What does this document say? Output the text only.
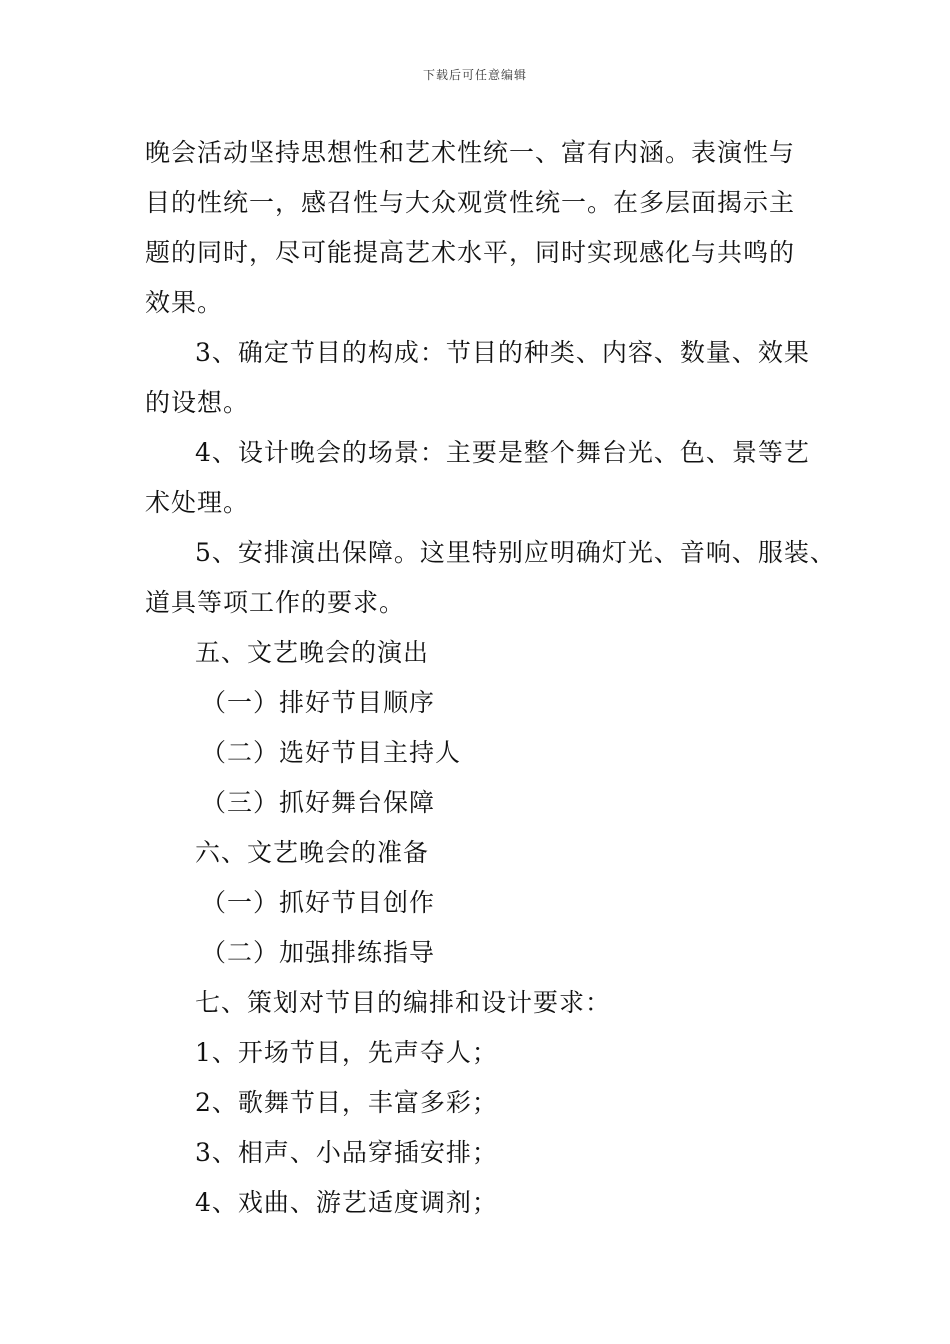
下载后可任意编辑

晚会活动坚持思想性和艺术性统一、富有内涵。表演性与

目的性统一，感召性与大众观赏性统一。在多层面揭示主

题的同时，尽可能提高艺术水平，同时实现感化与共鸣的

效果。

3、确定节目的构成：节目的种类、内容、数量、效果

的设想。

4、设计晚会的场景：主要是整个舞台光、色、景等艺

术处理。

5、安排演出保障。这里特别应明确灯光、音响、服装、

道具等项工作的要求。

五、文艺晚会的演出

（一）排好节目顺序

（二）选好节目主持人

（三）抓好舞台保障

六、文艺晚会的准备

（一）抓好节目创作

（二）加强排练指导

七、策划对节目的编排和设计要求：

1、开场节目，先声夺人；

2、歌舞节目，丰富多彩；

3、相声、小品穿插安排；

4、戏曲、游艺适度调剂；
